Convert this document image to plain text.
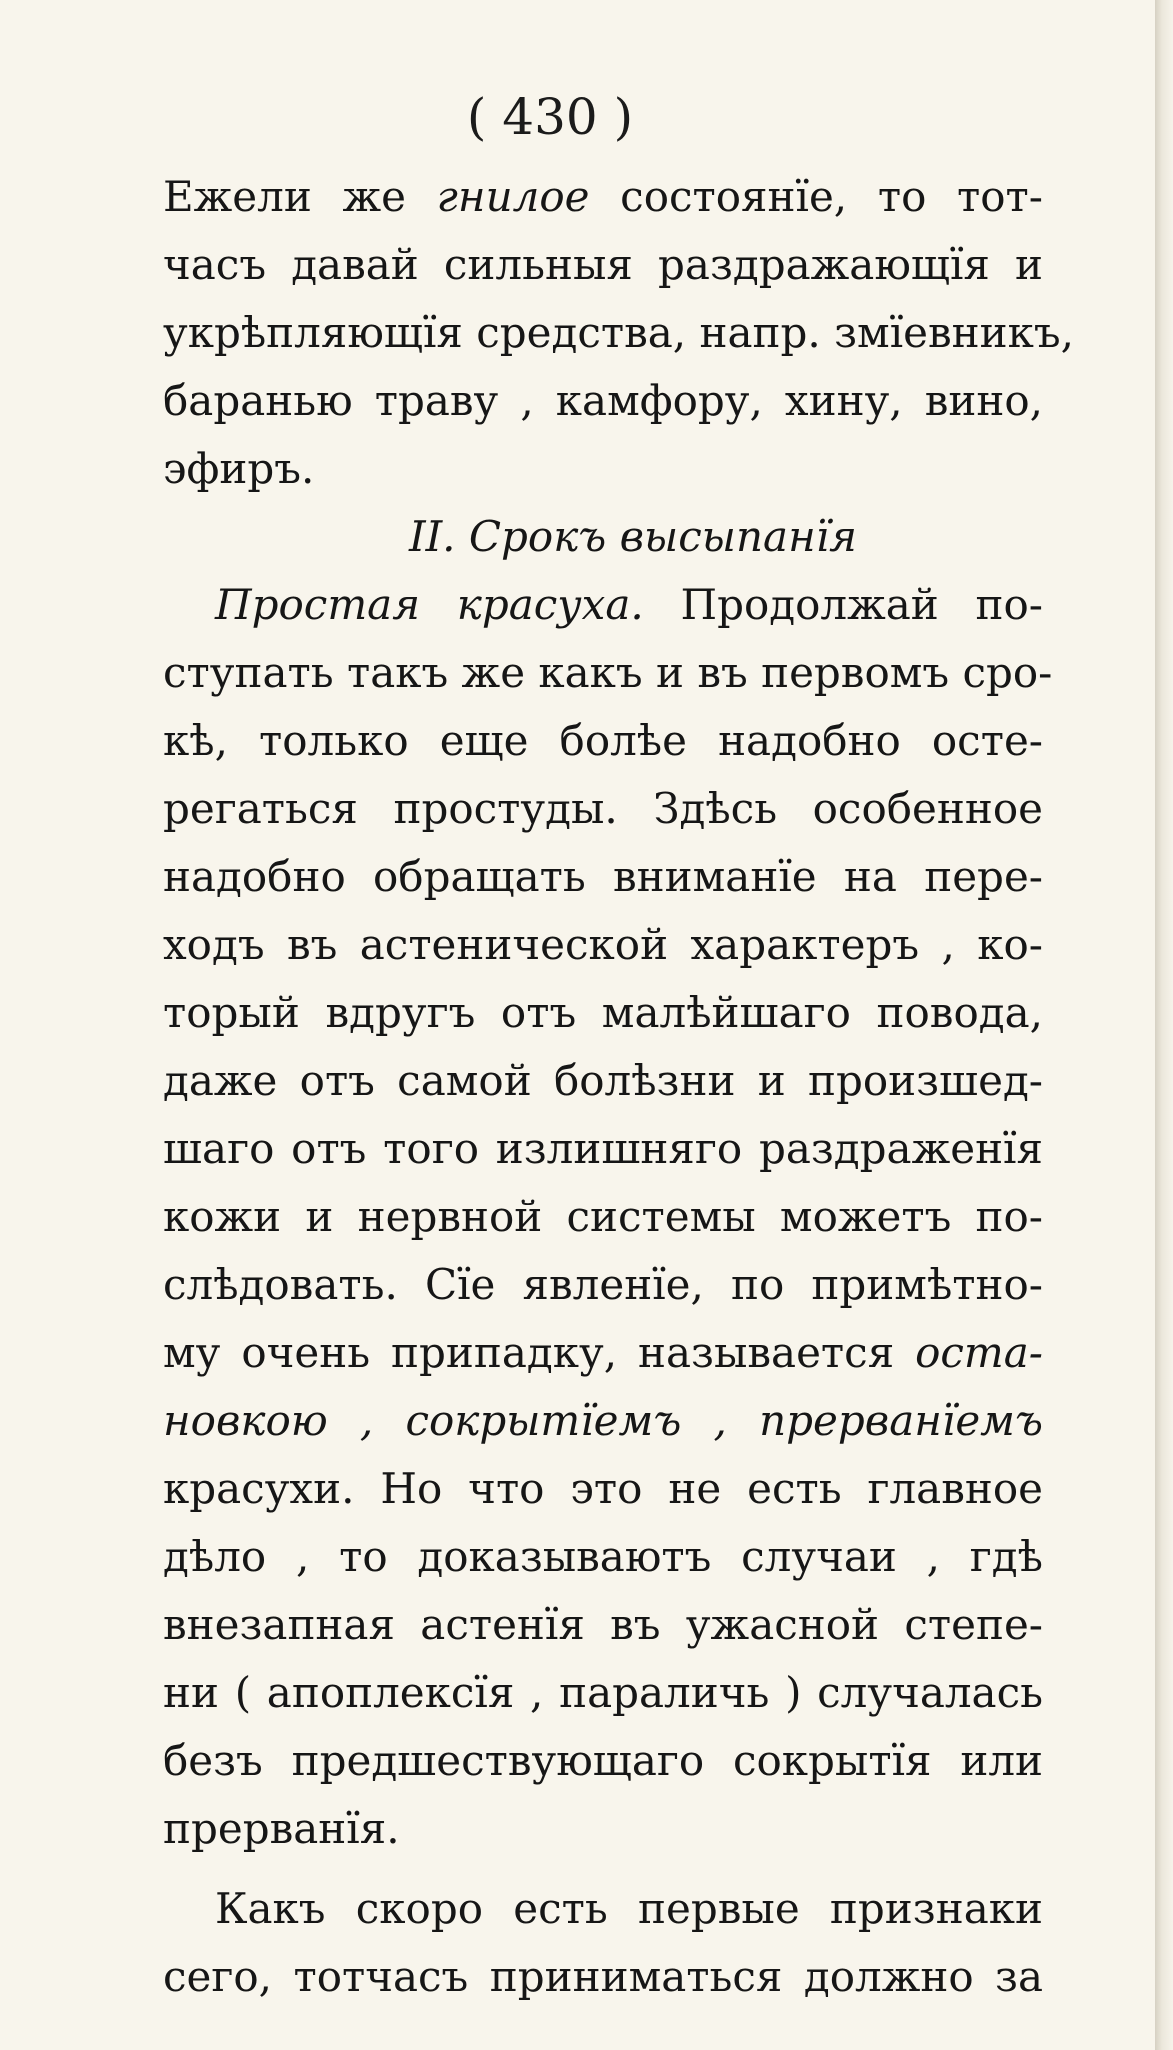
( 430 )
Ежели же гнилое состоянїе, то тот-
часъ давай сильныя раздражающїя и
укрѣпляющїя средства, напр. змїевникъ,
баранью траву , камфору, хину, вино,
эфиръ.
II. Срокъ высыпанїя
Простая красуха. Продолжай по-
ступать такъ же какъ и въ первомъ сро-
кѣ, только еще болѣе надобно осте-
регаться простуды. Здѣсь особенное
надобно обращать вниманїе на пере-
ходъ въ астенической характеръ , ко-
торый вдругъ отъ малѣйшаго повода,
даже отъ самой болѣзни и произшед-
шаго отъ того излишняго раздраженїя
кожи и нервной системы можетъ по-
слѣдовать. Сїе явленїе, по примѣтно-
му очень припадку, называется оста-
новкою , сокрытїемъ , прерванїемъ
красухи. Но что это не есть главное
дѣло , то доказываютъ случаи , гдѣ
внезапная астенїя въ ужасной степе-
ни ( апоплексїя , параличь ) случалась
безъ предшествующаго сокрытїя или
прерванїя.
Какъ скоро есть первые признаки
сего, тотчасъ приниматься должно за
